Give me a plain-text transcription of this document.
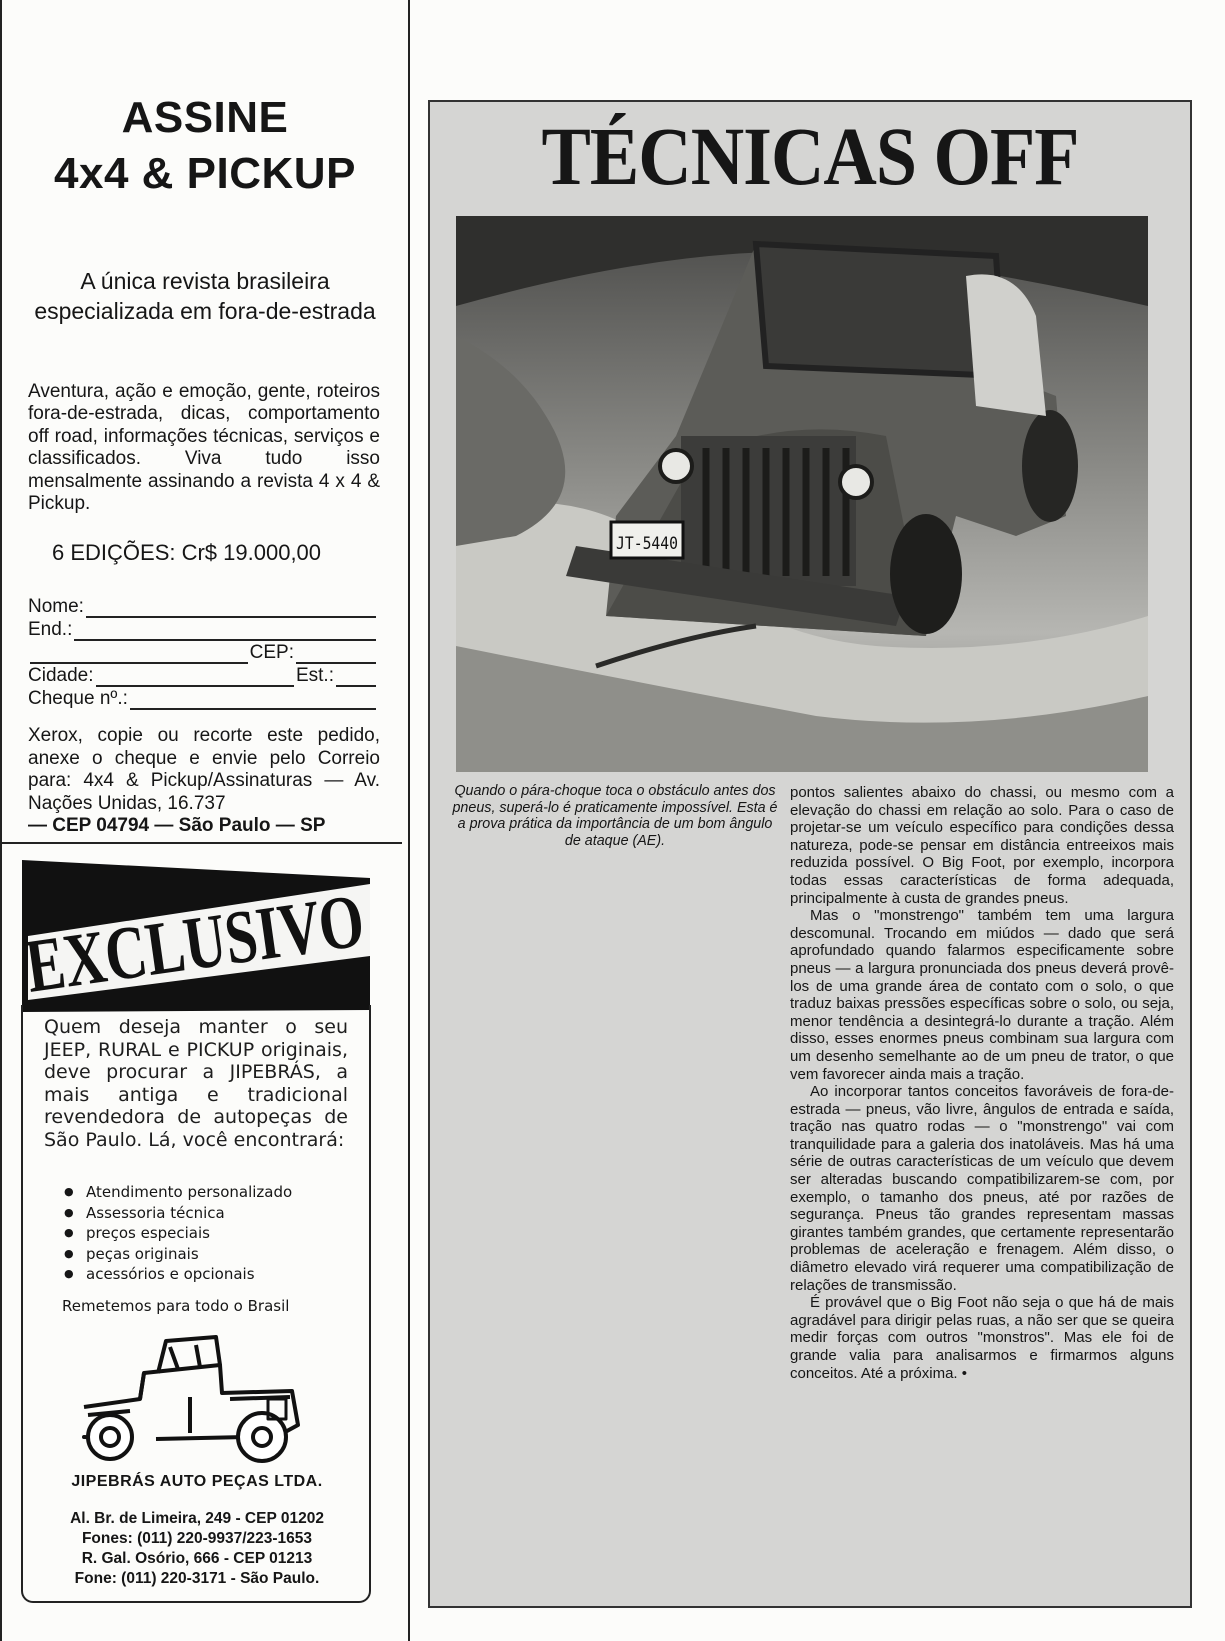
ASSINE
4x4 & PICKUP
A única revista brasileira especializada em fora-de-estrada
Aventura, ação e emoção, gente, roteiros fora-de-estrada, dicas, comportamento off road, informações técnicas, serviços e classificados. Viva tudo isso mensalmente assinando a revista 4 x 4 & Pickup.
6 EDIÇÕES: Cr$ 19.000,00
Nome:
End.:
CEP:
Cidade:	Est.:
Cheque nº.:
Xerox, copie ou recorte este pedido, anexe o cheque e envie pelo Correio para: 4x4 & Pickup/Assinaturas — Av. Nações Unidas, 16.737
— CEP 04794 — São Paulo — SP
EXCLUSIVO
Quem deseja manter o seu JEEP, RURAL e PICKUP originais, deve procurar a JIPEBRÁS, a mais antiga e tradicional revendedora de autopeças de São Paulo. Lá, você encontrará:
● Atendimento personalizado
● Assessoria técnica
● preços especiais
● peças originais
● acessórios e opcionais
Remetemos para todo o Brasil
JIPEBRÁS AUTO PEÇAS LTDA.
Al. Br. de Limeira, 249 - CEP 01202
Fones: (011) 220-9937/223-1653
R. Gal. Osório, 666 - CEP 01213
Fone: (011) 220-3171 - São Paulo.
TÉCNICAS OFF
JT-5440
Quando o pára-choque toca o obstáculo antes dos pneus, superá-lo é praticamente impossível. Esta é a prova prática da importância de um bom ângulo de ataque (AE).

pontos salientes abaixo do chassi, ou mesmo com a elevação do chassi em relação ao solo. Para o caso de projetar-se um veículo específico para condições dessa natureza, pode-se pensar em distância entreeixos mais reduzida possível. O Big Foot, por exemplo, incorpora todas essas características de forma adequada, principalmente à custa de grandes pneus.

Mas o "monstrengo" também tem uma largura descomunal. Trocando em miúdos — dado que será aprofundado quando falarmos especificamente sobre pneus — a largura pronunciada dos pneus deverá provê-los de uma grande área de contato com o solo, o que traduz baixas pressões específicas sobre o solo, ou seja, menor tendência a desintegrá-lo durante a tração. Além disso, esses enormes pneus combinam sua largura com um desenho semelhante ao de um pneu de trator, o que vem favorecer ainda mais a tração.

Ao incorporar tantos conceitos favoráveis de fora-de-estrada — pneus, vão livre, ângulos de entrada e saída, tração nas quatro rodas — o "monstrengo" vai com tranquilidade para a galeria dos inatoláveis. Mas há uma série de outras características de um veículo que devem ser alteradas buscando compatibilizarem-se com, por exemplo, o tamanho dos pneus, até por razões de segurança. Pneus tão grandes representam massas girantes também grandes, que certamente representarão problemas de aceleração e frenagem. Além disso, o diâmetro elevado virá requerer uma compatibilização de relações de transmissão.

É provável que o Big Foot não seja o que há de mais agradável para dirigir pelas ruas, a não ser que se queira medir forças com outros "monstros". Mas ele foi de grande valia para analisarmos e firmarmos alguns conceitos. Até a próxima. •
